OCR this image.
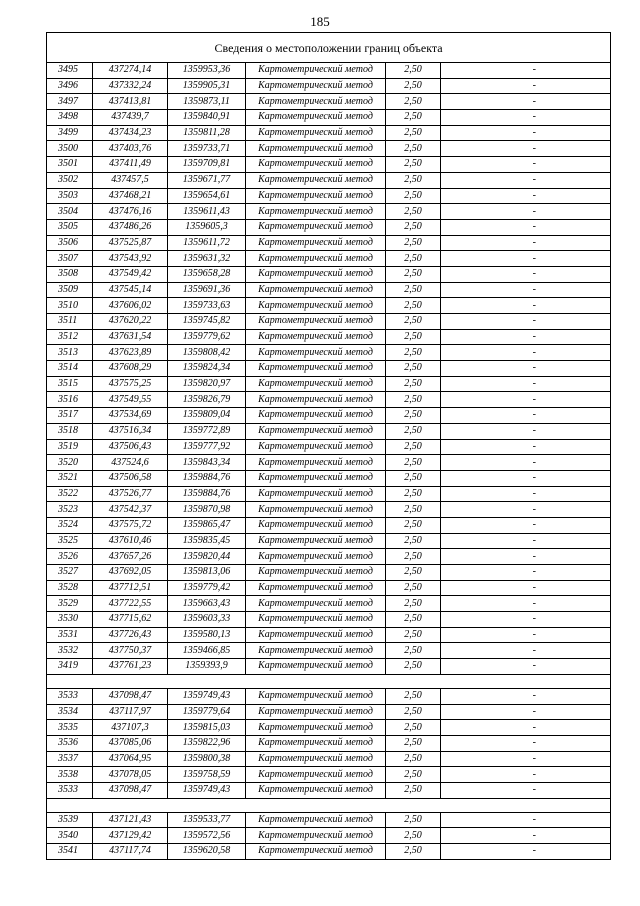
185
Сведения о местоположении границ объекта						
3495	437274,14	1359953,36	Картометрический метод	2,50		-
3496	437332,24	1359905,31	Картометрический метод	2,50		-
3497	437413,81	1359873,11	Картометрический метод	2,50		-
3498	437439,7	1359840,91	Картометрический метод	2,50		-
3499	437434,23	1359811,28	Картометрический метод	2,50		-
3500	437403,76	1359733,71	Картометрический метод	2,50		-
3501	437411,49	1359709,81	Картометрический метод	2,50		-
3502	437457,5	1359671,77	Картометрический метод	2,50		-
3503	437468,21	1359654,61	Картометрический метод	2,50		-
3504	437476,16	1359611,43	Картометрический метод	2,50		-
3505	437486,26	1359605,3	Картометрический метод	2,50		-
3506	437525,87	1359611,72	Картометрический метод	2,50		-
3507	437543,92	1359631,32	Картометрический метод	2,50		-
3508	437549,42	1359658,28	Картометрический метод	2,50		-
3509	437545,14	1359691,36	Картометрический метод	2,50		-
3510	437606,02	1359733,63	Картометрический метод	2,50		-
3511	437620,22	1359745,82	Картометрический метод	2,50		-
3512	437631,54	1359779,62	Картометрический метод	2,50		-
3513	437623,89	1359808,42	Картометрический метод	2,50		-
3514	437608,29	1359824,34	Картометрический метод	2,50		-
3515	437575,25	1359820,97	Картометрический метод	2,50		-
3516	437549,55	1359826,79	Картометрический метод	2,50		-
3517	437534,69	1359809,04	Картометрический метод	2,50		-
3518	437516,34	1359772,89	Картометрический метод	2,50		-
3519	437506,43	1359777,92	Картометрический метод	2,50		-
3520	437524,6	1359843,34	Картометрический метод	2,50		-
3521	437506,58	1359884,76	Картометрический метод	2,50		-
3522	437526,77	1359884,76	Картометрический метод	2,50		-
3523	437542,37	1359870,98	Картометрический метод	2,50		-
3524	437575,72	1359865,47	Картометрический метод	2,50		-
3525	437610,46	1359835,45	Картометрический метод	2,50		-
3526	437657,26	1359820,44	Картометрический метод	2,50		-
3527	437692,05	1359813,06	Картометрический метод	2,50		-
3528	437712,51	1359779,42	Картометрический метод	2,50		-
3529	437722,55	1359663,43	Картометрический метод	2,50		-
3530	437715,62	1359603,33	Картометрический метод	2,50		-
3531	437726,43	1359580,13	Картометрический метод	2,50		-
3532	437750,37	1359466,85	Картометрический метод	2,50		-
3419	437761,23	1359393,9	Картометрический метод	2,50		-

3533	437098,47	1359749,43	Картометрический метод	2,50		-
3534	437117,97	1359779,64	Картометрический метод	2,50		-
3535	437107,3	1359815,03	Картометрический метод	2,50		-
3536	437085,06	1359822,96	Картометрический метод	2,50		-
3537	437064,95	1359800,38	Картометрический метод	2,50		-
3538	437078,05	1359758,59	Картометрический метод	2,50		-
3533	437098,47	1359749,43	Картометрический метод	2,50		-

3539	437121,43	1359533,77	Картометрический метод	2,50		-
3540	437129,42	1359572,56	Картометрический метод	2,50		-
3541	437117,74	1359620,58	Картометрический метод	2,50		-
